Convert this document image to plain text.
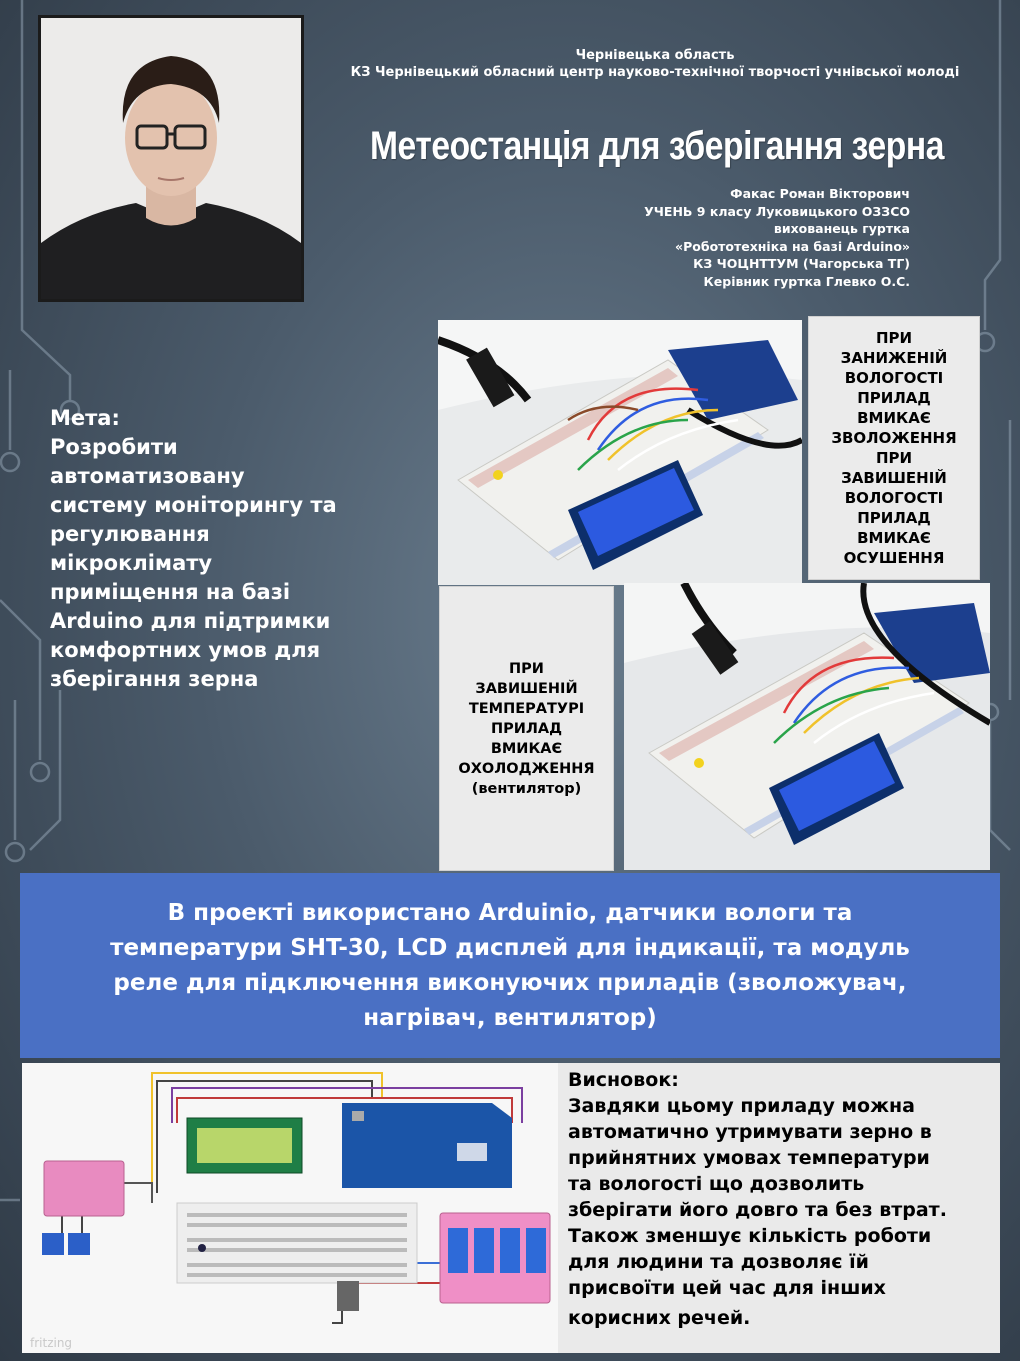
Чернівецька область
КЗ Чернівецький обласний центр науково-технічної творчості учнівської молоді
Метеостанція для зберігання зерна
Факас Роман Вікторович
УЧЕНЬ 9 класу Луковицького ОЗЗСО
вихованець гуртка
«Робототехніка на базі Arduino»
КЗ ЧОЦНТТУМ (Чагорська ТГ)
Керівник гуртка Глевко О.С.
Мета:
Розробити
автоматизовану
систему моніторингу та
регулювання
мікроклімату
приміщення на базі
Arduino для підтримки
комфортних умов для
зберігання зерна
ПРИ
ЗАНИЖЕНІЙ
ВОЛОГОСТІ
ПРИЛАД
ВМИКАЄ
ЗВОЛОЖЕННЯ
ПРИ
ЗАВИШЕНІЙ
ВОЛОГОСТІ
ПРИЛАД
ВМИКАЄ
ОСУШЕННЯ
ПРИ
ЗАВИШЕНІЙ
ТЕМПЕРАТУРІ
ПРИЛАД
ВМИКАЄ
ОХОЛОДЖЕННЯ
(вентилятор)
В проекті використано Arduinio, датчики вологи та
температури SHT-30, LCD дисплей для індикації, та модуль
реле для підключення виконуючих приладів (зволожувач,
нагрівач, вентилятор)
fritzing
Висновок:
Завдяки цьому приладу можна
автоматично утримувати зерно в
прийнятних умовах температури
та вологості що дозволить
зберігати його довго та без втрат.
Також зменшує кількість роботи
для людини та дозволяє їй
присвоїти цей час для інших
корисних речей.
